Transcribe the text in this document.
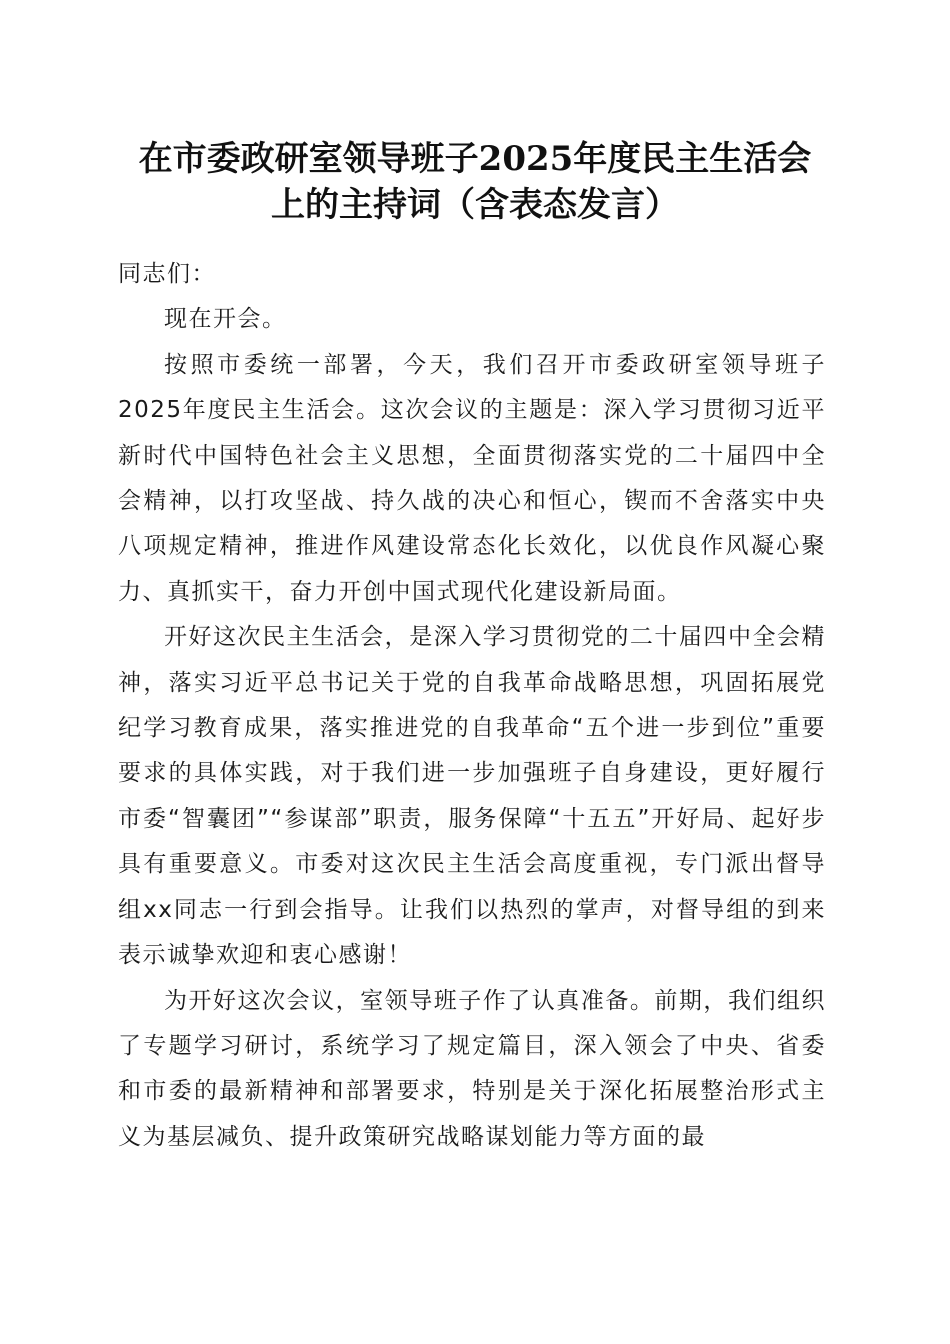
在市委政研室领导班子2025年度民主生活会
上的主持词（含表态发言）

同志们：

现在开会。

按照市委统一部署，今天，我们召开市委政研室领导班子2025年度民主生活会。这次会议的主题是：深入学习贯彻习近平新时代中国特色社会主义思想，全面贯彻落实党的二十届四中全会精神，以打攻坚战、持久战的决心和恒心，锲而不舍落实中央八项规定精神，推进作风建设常态化长效化，以优良作风凝心聚力、真抓实干，奋力开创中国式现代化建设新局面。

开好这次民主生活会，是深入学习贯彻党的二十届四中全会精神，落实习近平总书记关于党的自我革命战略思想，巩固拓展党纪学习教育成果，落实推进党的自我革命“五个进一步到位”重要要求的具体实践，对于我们进一步加强班子自身建设，更好履行市委“智囊团”“参谋部”职责，服务保障“十五五”开好局、起好步具有重要意义。市委对这次民主生活会高度重视，专门派出督导组xx同志一行到会指导。让我们以热烈的掌声，对督导组的到来表示诚挚欢迎和衷心感谢！

为开好这次会议，室领导班子作了认真准备。前期，我们组织了专题学习研讨，系统学习了规定篇目，深入领会了中央、省委和市委的最新精神和部署要求，特别是关于深化拓展整治形式主义为基层减负、提升政策研究战略谋划能力等方面的最
